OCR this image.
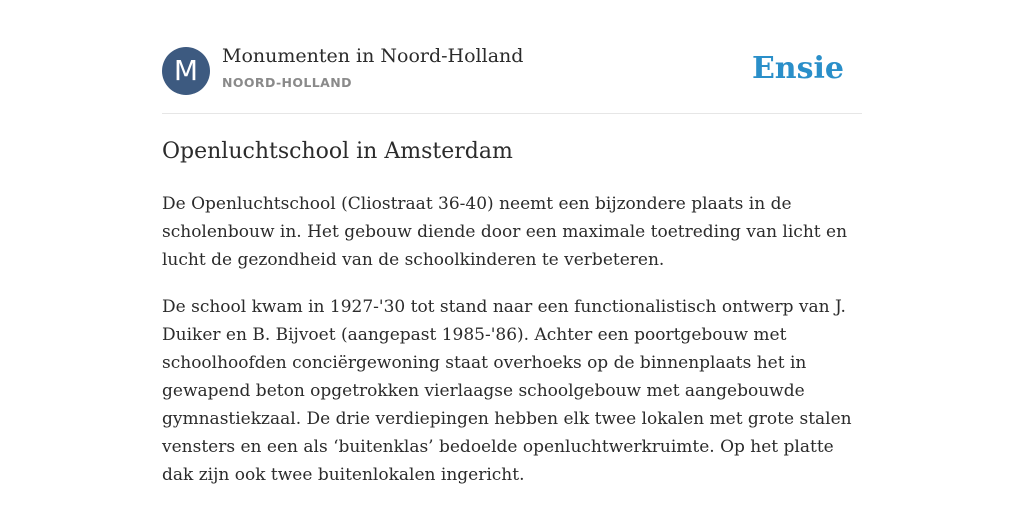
M	Monumenten in Noord-Holland
NOORD-HOLLAND	Ensie
Openluchtschool in Amsterdam

De Openluchtschool (Cliostraat 36-40) neemt een bijzondere plaats in de
scholenbouw in. Het gebouw diende door een maximale toetreding van licht en
lucht de gezondheid van de schoolkinderen te verbeteren.

De school kwam in 1927-'30 tot stand naar een functionalistisch ontwerp van J.
Duiker en B. Bijvoet (aangepast 1985-'86). Achter een poortgebouw met
schoolhoofden conciërgewoning staat overhoeks op de binnenplaats het in
gewapend beton opgetrokken vierlaagse schoolgebouw met aangebouwde
gymnastiekzaal. De drie verdiepingen hebben elk twee lokalen met grote stalen
vensters en een als ‘buitenklas’ bedoelde openluchtwerkruimte. Op het platte
dak zijn ook twee buitenlokalen ingericht.
